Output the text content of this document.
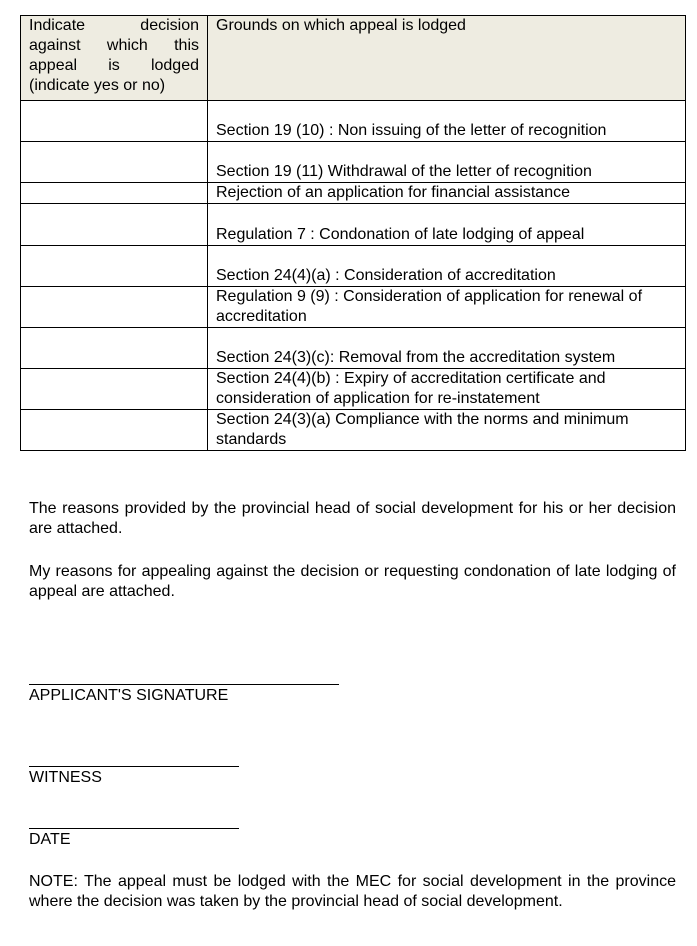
Indicate decision against which this appeal is lodged (indicate yes or no)	Grounds on which appeal is lodged
	Section 19 (10) : Non issuing of the letter of recognition
	Section 19 (11) Withdrawal of the letter of recognition
	Rejection of an application for financial assistance
	Regulation 7 : Condonation of late lodging of appeal
	Section 24(4)(a) : Consideration of accreditation
	Regulation 9 (9) : Consideration of application for renewal of accreditation
	Section 24(3)(c): Removal from the accreditation system
	Section 24(4)(b) : Expiry of accreditation certificate and consideration of application for re-instatement
	Section 24(3)(a) Compliance with the norms and minimum standards

The reasons provided by the provincial head of social development for his or her decision are attached.

My reasons for appealing against the decision or requesting condonation of late lodging of appeal are attached.

APPLICANT'S SIGNATURE

WITNESS

DATE

NOTE: The appeal must be lodged with the MEC for social development in the province where the decision was taken by the provincial head of social development.
